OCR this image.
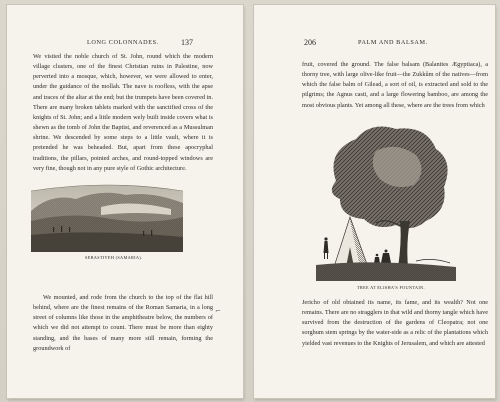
LONG COLONNADES.	137

We visited the noble church of St. John, round which the modern village clusters, one of the finest Christian ruins in Palestine, now perverted into a mosque, which, however, we were allowed to enter, under the guidance of the mollah. The nave is roofless, with the apse and traces of the altar at the end; but the trumpets have been covered in. There are many broken tablets marked with the sanctified cross of the knights of St. John; and a little modern wely built inside covers what is shewn as the tomb of John the Baptist, and reverenced as a Mussulman shrine. We descended by some steps to a little vault, where it is pretended he was beheaded. But, apart from these apocryphal traditions, the pillars, pointed arches, and round-topped windows are very fine, though not in any pure style of Gothic architecture.

SEBASTIYEH (SAMARIA).

We mounted, and rode from the church to the top of the flat hill behind, where are the finest remains of the Roman Samaria, in a long street of columns like those in the amphitheatre below, the numbers of which we did not attempt to count. There must be more than eighty standing, and the bases of many more still remain, forming the groundwork of

⌐
206	PALM AND BALSAM.

fruit, covered the ground. The false balsam (Balanites Ægyptiaca), a thorny tree, with large olive-like fruit—the Zukkûm of the natives—from which the false balm of Gilead, a sort of oil, is extracted and sold to the pilgrims; the Agnus casti, and a large flowering bamboo, are among the most obvious plants. Yet among all these, where are the trees from which

TREE AT ELISHA'S FOUNTAIN.

Jericho of old obtained its name, its fame, and its wealth? Not one remains. There are no stragglers in that wild and thorny tangle which have survived from the destruction of the gardens of Cleopatra; not one sorghum stem springs by the water-side as a relic of the plantations which yielded vast revenues to the Knights of Jerusalem, and which are attested
